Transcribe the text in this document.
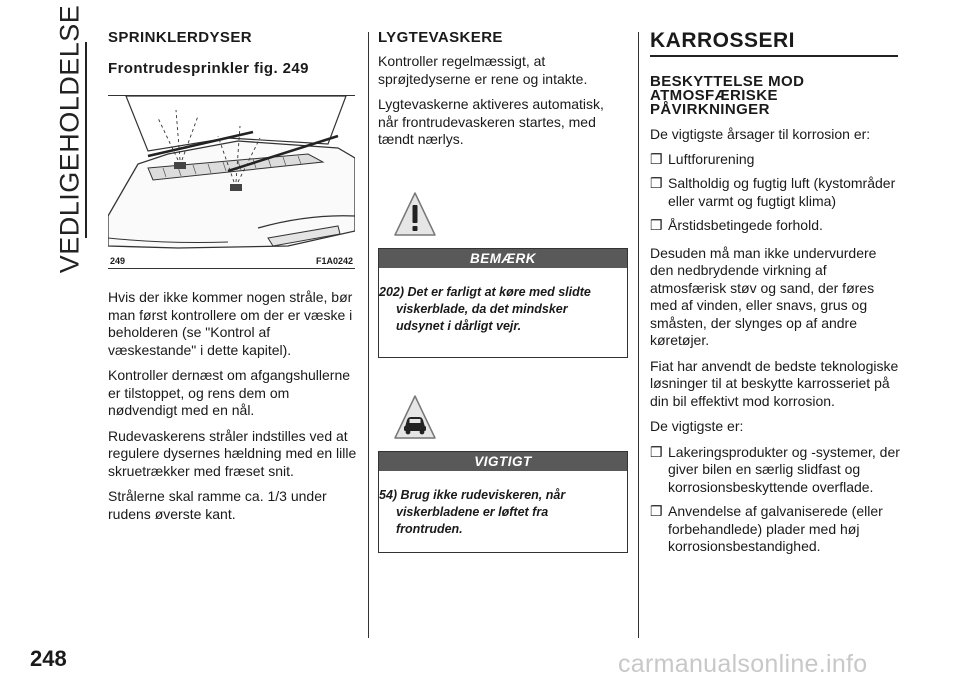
VEDLIGEHOLDELSE
248	carmanualsonline.info
SPRINKLERDYSER
Frontrudesprinkler fig. 249
249	F1A0242

Hvis der ikke kommer nogen stråle, bør man først kontrollere om der er væske i beholderen (se "Kontrol af væskestande" i dette kapitel).

Kontroller dernæst om afgangshullerne er tilstoppet, og rens dem om nødvendigt med en nål.

Rudevaskerens stråler indstilles ved at regulere dysernes hældning med en lille skruetrækker med fræset snit.

Strålerne skal ramme ca. 1/3 under rudens øverste kant.

LYGTEVASKERE

Kontroller regelmæssigt, at sprøjtedyserne er rene og intakte.

Lygtevaskerne aktiveres automatisk, når frontrudevaskeren startes, med tændt nærlys.

BEMÆRK
202) Det er farligt at køre med slidte viskerblade, da det mindsker udsynet i dårligt vejr.
VIGTIGT
54) Brug ikke rudeviskeren, når viskerbladene er løftet fra frontruden.
KARROSSERI
BESKYTTELSE MOD ATMOSFÆRISKE PÅVIRKNINGER

De vigtigste årsager til korrosion er:

❒ Luftforurening
❒ Saltholdig og fugtig luft (kystområder eller varmt og fugtigt klima)
❒ Årstidsbetingede forhold.

Desuden må man ikke undervurdere den nedbrydende virkning af atmosfærisk støv og sand, der føres med af vinden, eller snavs, grus og småsten, der slynges op af andre køretøjer.

Fiat har anvendt de bedste teknologiske løsninger til at beskytte karrosseriet på din bil effektivt mod korrosion.

De vigtigste er:

❒ Lakeringsprodukter og -systemer, der giver bilen en særlig slidfast og korrosionsbeskyttende overflade.
❒ Anvendelse af galvaniserede (eller forbehandlede) plader med høj korrosionsbestandighed.
